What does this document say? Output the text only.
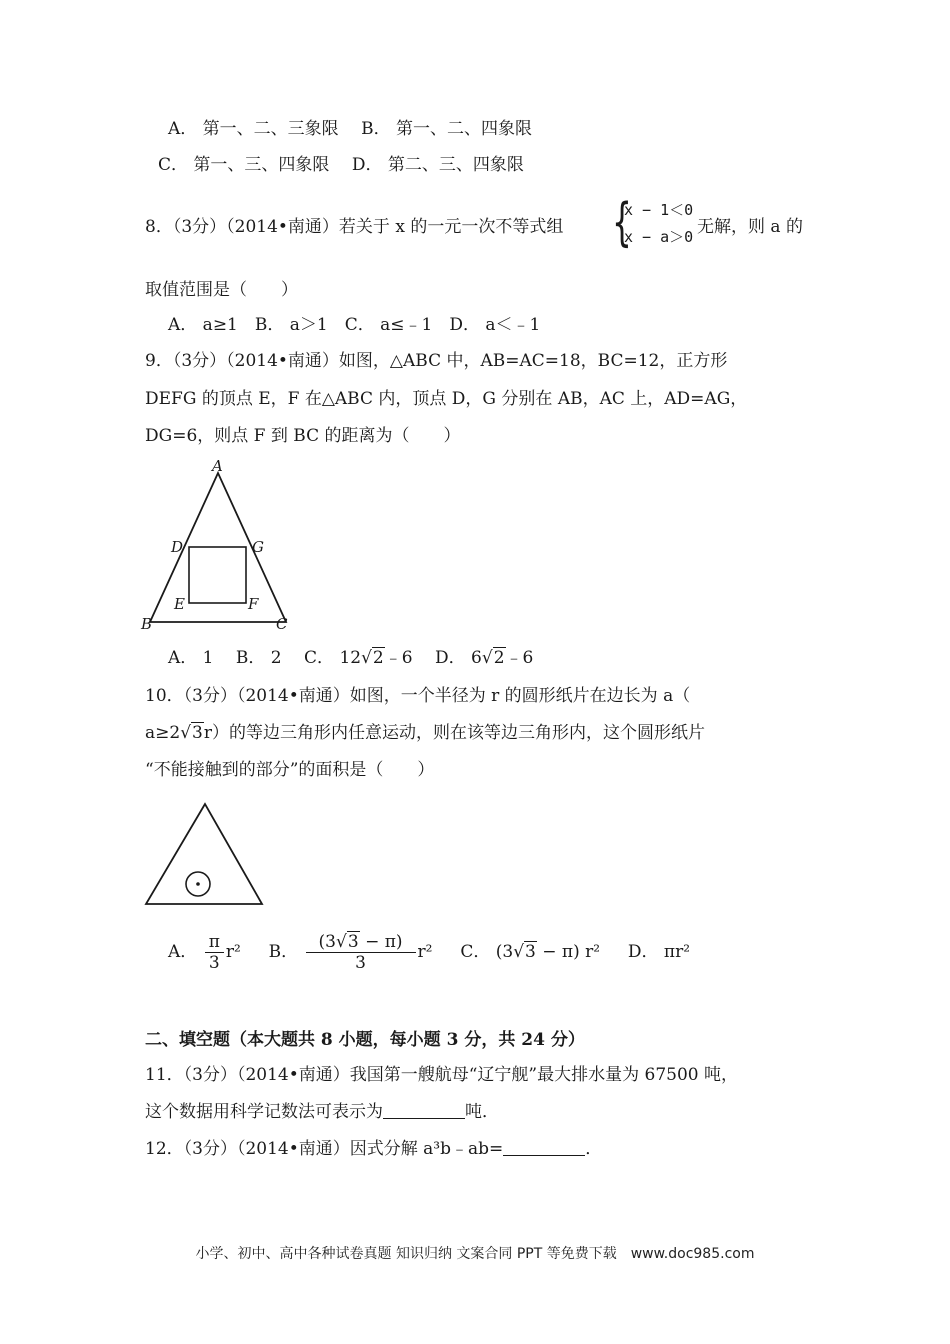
A． 第一、二、三象限　 B． 第一、二、四象限
C． 第一、三、四象限　 D． 第二、三、四象限
8．（3分）（2014•南通）若关于 x 的一元一次不等式组 {
x − 1＜0
x − a＞0 无解，则 a 的
取值范围是（　　）
A． a≥1　B． a＞1　C． a≤﹣1　D． a＜﹣1
9．（3分）（2014•南通）如图，△ABC 中，AB=AC=18，BC=12，正方形
DEFG 的顶点 E，F 在△ABC 内，顶点 D，G 分别在 AB，AC 上，AD=AG，
DG=6，则点 F 到 BC 的距离为（　　）
A
B	C
D	G
E	F
A． 1　 B． 2　 C． 12√2﹣6　 D． 6√2﹣6
10．（3分）（2014•南通）如图，一个半径为 r 的圆形纸片在边长为 a（
a≥2√3r）的等边三角形内任意运动，则在该等边三角形内，这个圆形纸片
“不能接触到的部分”的面积是（　　）
A． $\frac{\pi}{3} r^2$ 　 B． $\frac{(3√3 - \pi)}{3} r^2$ 　 C． (3√3 − π) r² 　 D． πr²
二、填空题（本大题共 8 小题，每小题 3 分，共 24 分）
11．（3分）（2014•南通）我国第一艘航母“辽宁舰”最大排水量为 67500 吨，
这个数据用科学记数法可表示为	吨．
12．（3分）（2014•南通）因式分解 a³b﹣ab=	．
小学、初中、高中各种试卷真题 知识归纳 文案合同 PPT 等免费下载　www.doc985.com
